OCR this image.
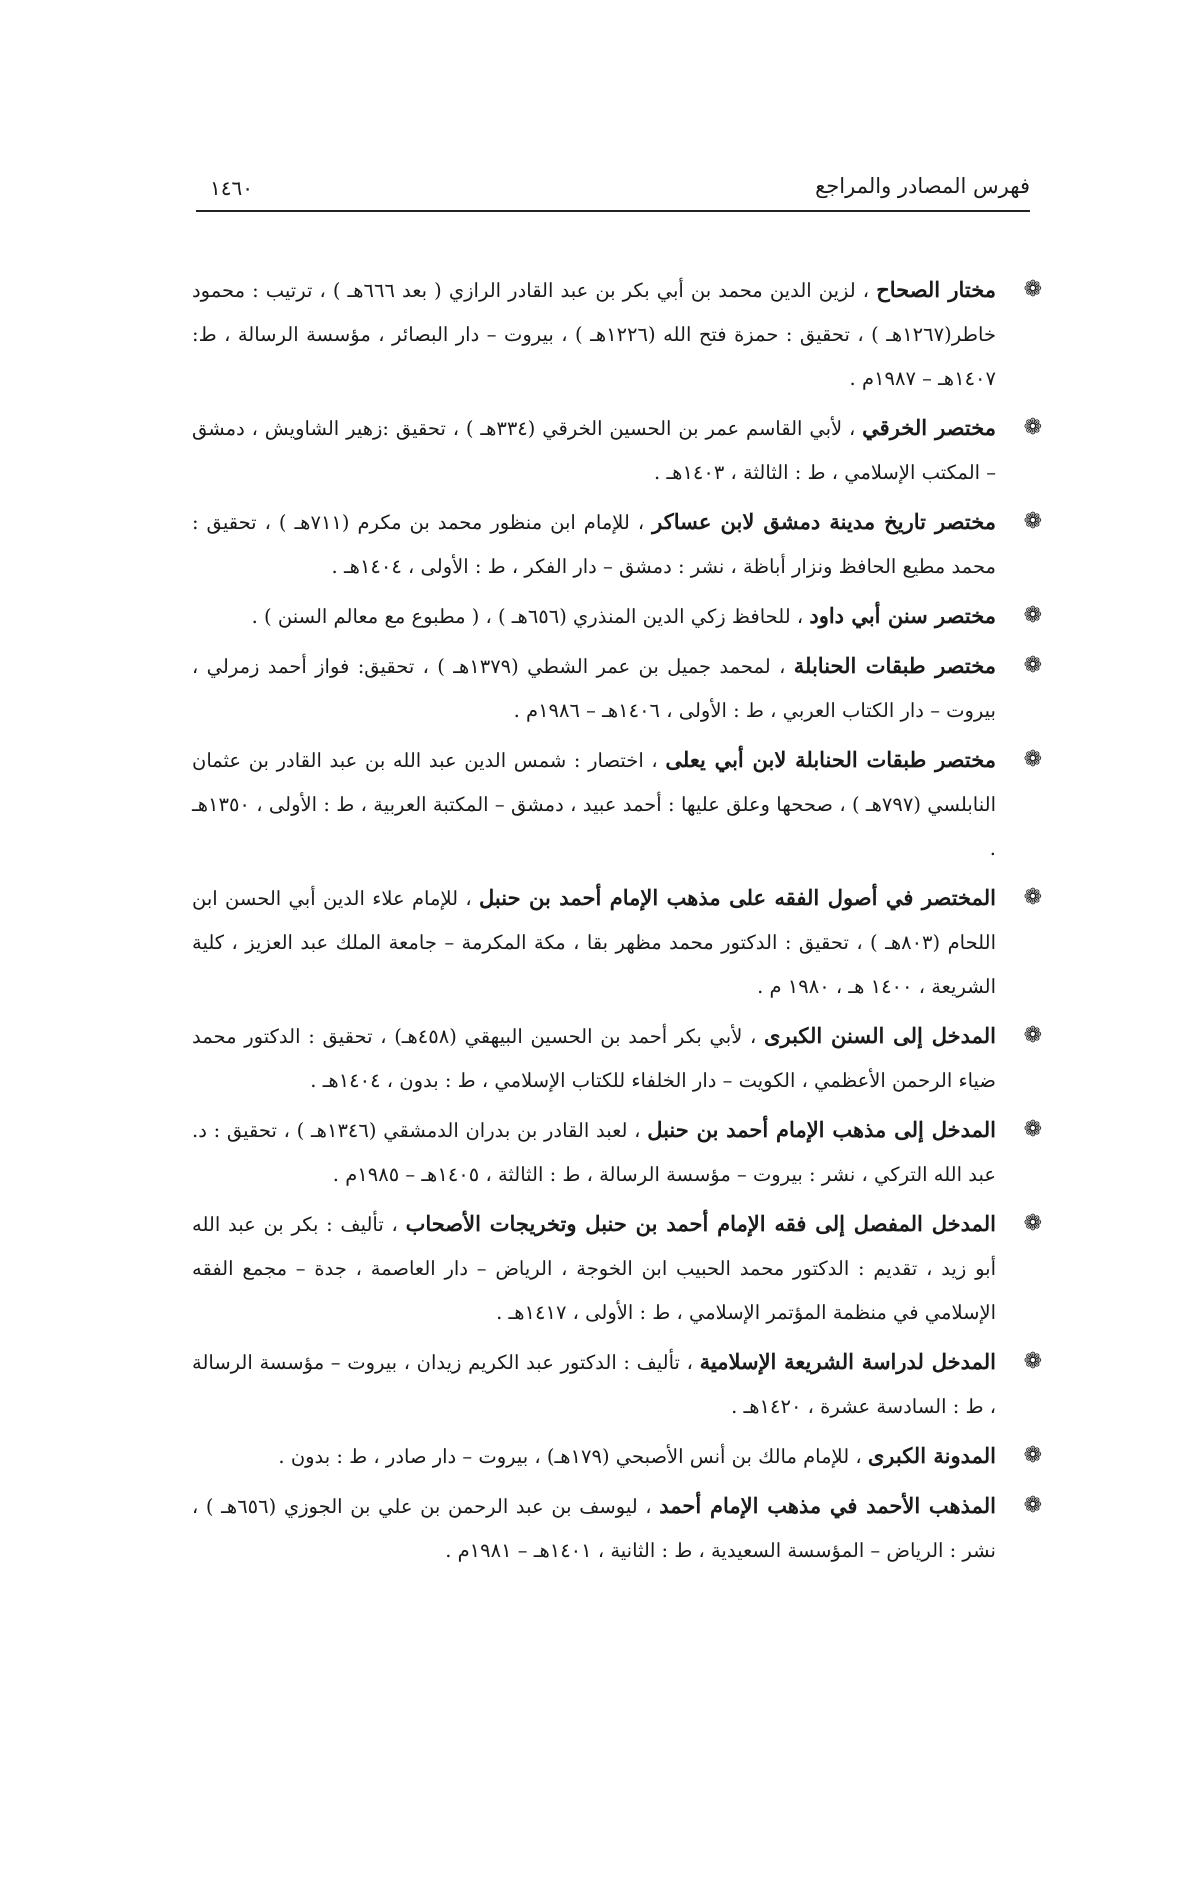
فهرس المصادر والمراجع
١٤٦٠
❁
مختار الصحاح ، لزين الدين محمد بن أبي بكر بن عبد القادر الرازي ( بعد ٦٦٦هـ ) ، ترتيب : محمود خاطر(١٢٦٧هـ ) ، تحقيق : حمزة فتح الله (١٢٢٦هـ ) ، بيروت – دار البصائر ، مؤسسة الرسالة ، ط: ١٤٠٧هـ – ١٩٨٧م .
❁
مختصر الخرقي ، لأبي القاسم عمر بن الحسين الخرقي (٣٣٤هـ ) ، تحقيق :زهير الشاويش ، دمشق – المكتب الإسلامي ، ط : الثالثة ، ١٤٠٣هـ .
❁
مختصر تاريخ مدينة دمشق لابن عساكر ، للإمام ابن منظور محمد بن مكرم (٧١١هـ ) ، تحقيق : محمد مطيع الحافظ ونزار أباظة ، نشر : دمشق – دار الفكر ، ط : الأولى ، ١٤٠٤هـ .
❁
مختصر سنن أبي داود ، للحافظ زكي الدين المنذري (٦٥٦هـ ) ، ( مطبوع مع معالم السنن ) .
❁
مختصر طبقات الحنابلة ، لمحمد جميل بن عمر الشطي (١٣٧٩هـ ) ، تحقيق: فواز أحمد زمرلي ، بيروت – دار الكتاب العربي ، ط : الأولى ، ١٤٠٦هـ – ١٩٨٦م .
❁
مختصر طبقات الحنابلة لابن أبي يعلى ، اختصار : شمس الدين عبد الله بن عبد القادر بن عثمان النابلسي (٧٩٧هـ ) ، صححها وعلق عليها : أحمد عبيد ، دمشق – المكتبة العربية ، ط : الأولى ، ١٣٥٠هـ .
❁
المختصر في أصول الفقه على مذهب الإمام أحمد بن حنبل ، للإمام علاء الدين أبي الحسن ابن اللحام (٨٠٣هـ ) ، تحقيق : الدكتور محمد مظهر بقا ، مكة المكرمة – جامعة الملك عبد العزيز ، كلية الشريعة ، ١٤٠٠ هـ ، ١٩٨٠ م .
❁
المدخل إلى السنن الكبرى ، لأبي بكر أحمد بن الحسين البيهقي (٤٥٨هـ) ، تحقيق : الدكتور محمد ضياء الرحمن الأعظمي ، الكويت – دار الخلفاء للكتاب الإسلامي ، ط : بدون ، ١٤٠٤هـ .
❁
المدخل إلى مذهب الإمام أحمد بن حنبل ، لعبد القادر بن بدران الدمشقي (١٣٤٦هـ ) ، تحقيق : د. عبد الله التركي ، نشر : بيروت – مؤسسة الرسالة ، ط : الثالثة ، ١٤٠٥هـ – ١٩٨٥م .
❁
المدخل المفصل إلى فقه الإمام أحمد بن حنبل وتخريجات الأصحاب ، تأليف : بكر بن عبد الله أبو زيد ، تقديم : الدكتور محمد الحبيب ابن الخوجة ، الرياض – دار العاصمة ، جدة – مجمع الفقه الإسلامي في منظمة المؤتمر الإسلامي ، ط : الأولى ، ١٤١٧هـ .
❁
المدخل لدراسة الشريعة الإسلامية ، تأليف : الدكتور عبد الكريم زيدان ، بيروت – مؤسسة الرسالة ، ط : السادسة عشرة ، ١٤٢٠هـ .
❁
المدونة الكبرى ، للإمام مالك بن أنس الأصبحي (١٧٩هـ) ، بيروت – دار صادر ، ط : بدون .
❁
المذهب الأحمد في مذهب الإمام أحمد ، ليوسف بن عبد الرحمن بن علي بن الجوزي (٦٥٦هـ ) ، نشر : الرياض – المؤسسة السعيدية ، ط : الثانية ، ١٤٠١هـ – ١٩٨١م .
